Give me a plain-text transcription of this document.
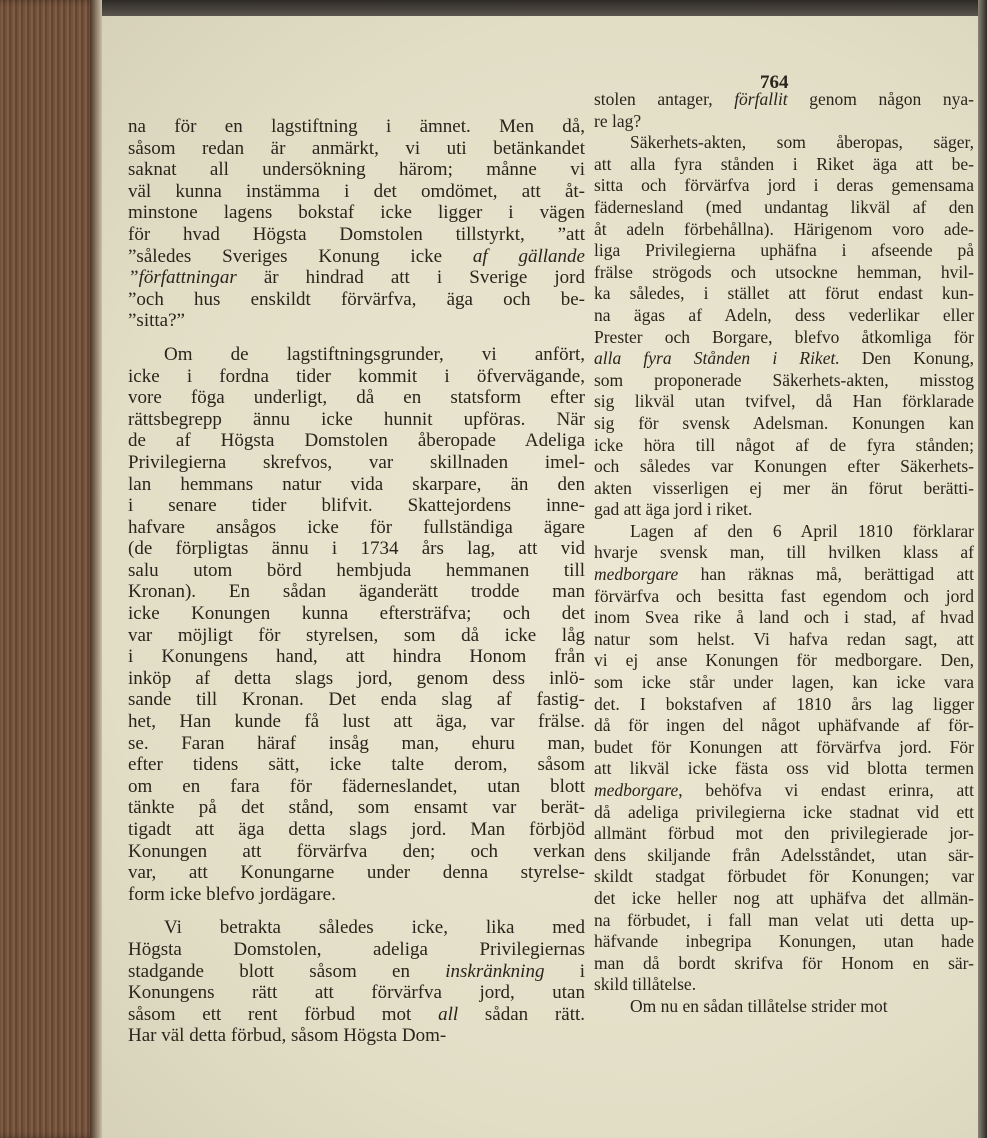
764
na för en lagstiftning i ämnet. Men då,
såsom redan är anmärkt, vi uti betänkandet
saknat all undersökning härom; månne vi
väl kunna instämma i det omdömet, att åt-
minstone lagens bokstaf icke ligger i vägen
för hvad Högsta Domstolen tillstyrkt, ”att
”således Sveriges Konung icke af gällande
”författningar är hindrad att i Sverige jord
”och hus enskildt förvärfva, äga och be-
”sitta?”
Om de lagstiftningsgrunder, vi anfört,
icke i fordna tider kommit i öfvervägande,
vore föga underligt, då en statsform efter
rättsbegrepp ännu icke hunnit upföras. När
de af Högsta Domstolen åberopade Adeliga
Privilegierna skrefvos, var skillnaden imel-
lan hemmans natur vida skarpare, än den
i senare tider blifvit. Skattejordens inne-
hafvare ansågos icke för fullständiga ägare
(de förpligtas ännu i 1734 års lag, att vid
salu utom börd hembjuda hemmanen till
Kronan). En sådan äganderätt trodde man
icke Konungen kunna eftersträfva; och det
var möjligt för styrelsen, som då icke låg
i Konungens hand, att hindra Honom från
inköp af detta slags jord, genom dess inlö-
sande till Kronan. Det enda slag af fastig-
het, Han kunde få lust att äga, var frälse.
se. Faran häraf insåg man, ehuru man,
efter tidens sätt, icke talte derom, såsom
om en fara för fäderneslandet, utan blott
tänkte på det stånd, som ensamt var berät-
tigadt att äga detta slags jord. Man förbjöd
Konungen att förvärfva den; och verkan
var, att Konungarne under denna styrelse-
form icke blefvo jordägare.
Vi betrakta således icke, lika med
Högsta Domstolen, adeliga Privilegiernas
stadgande blott såsom en inskränkning i
Konungens rätt att förvärfva jord, utan
såsom ett rent förbud mot all sådan rätt.
Har väl detta förbud, såsom Högsta Dom-
stolen antager, förfallit genom någon nya-
re lag?
Säkerhets-akten, som åberopas, säger,
att alla fyra stånden i Riket äga att be-
sitta och förvärfva jord i deras gemensama
fädernesland (med undantag likväl af den
åt adeln förbehållna). Härigenom voro ade-
liga Privilegierna uphäfna i afseende på
frälse strögods och utsockne hemman, hvil-
ka således, i stället att förut endast kun-
na ägas af Adeln, dess vederlikar eller
Prester och Borgare, blefvo åtkomliga för
alla fyra Stånden i Riket. Den Konung,
som proponerade Säkerhets-akten, misstog
sig likväl utan tvifvel, då Han förklarade
sig för svensk Adelsman. Konungen kan
icke höra till något af de fyra stånden;
och således var Konungen efter Säkerhets-
akten visserligen ej mer än förut berätti-
gad att äga jord i riket.
Lagen af den 6 April 1810 förklarar
hvarje svensk man, till hvilken klass af
medborgare han räknas må, berättigad att
förvärfva och besitta fast egendom och jord
inom Svea rike å land och i stad, af hvad
natur som helst. Vi hafva redan sagt, att
vi ej anse Konungen för medborgare. Den,
som icke står under lagen, kan icke vara
det. I bokstafven af 1810 års lag ligger
då för ingen del något uphäfvande af för-
budet för Konungen att förvärfva jord. För
att likväl icke fästa oss vid blotta termen
medborgare, behöfva vi endast erinra, att
då adeliga privilegierna icke stadnat vid ett
allmänt förbud mot den privilegierade jor-
dens skiljande från Adelsståndet, utan sär-
skildt stadgat förbudet för Konungen; var
det icke heller nog att uphäfva det allmän-
na förbudet, i fall man velat uti detta up-
häfvande inbegripa Konungen, utan hade
man då bordt skrifva för Honom en sär-
skild tillåtelse.
Om nu en sådan tillåtelse strider mot
